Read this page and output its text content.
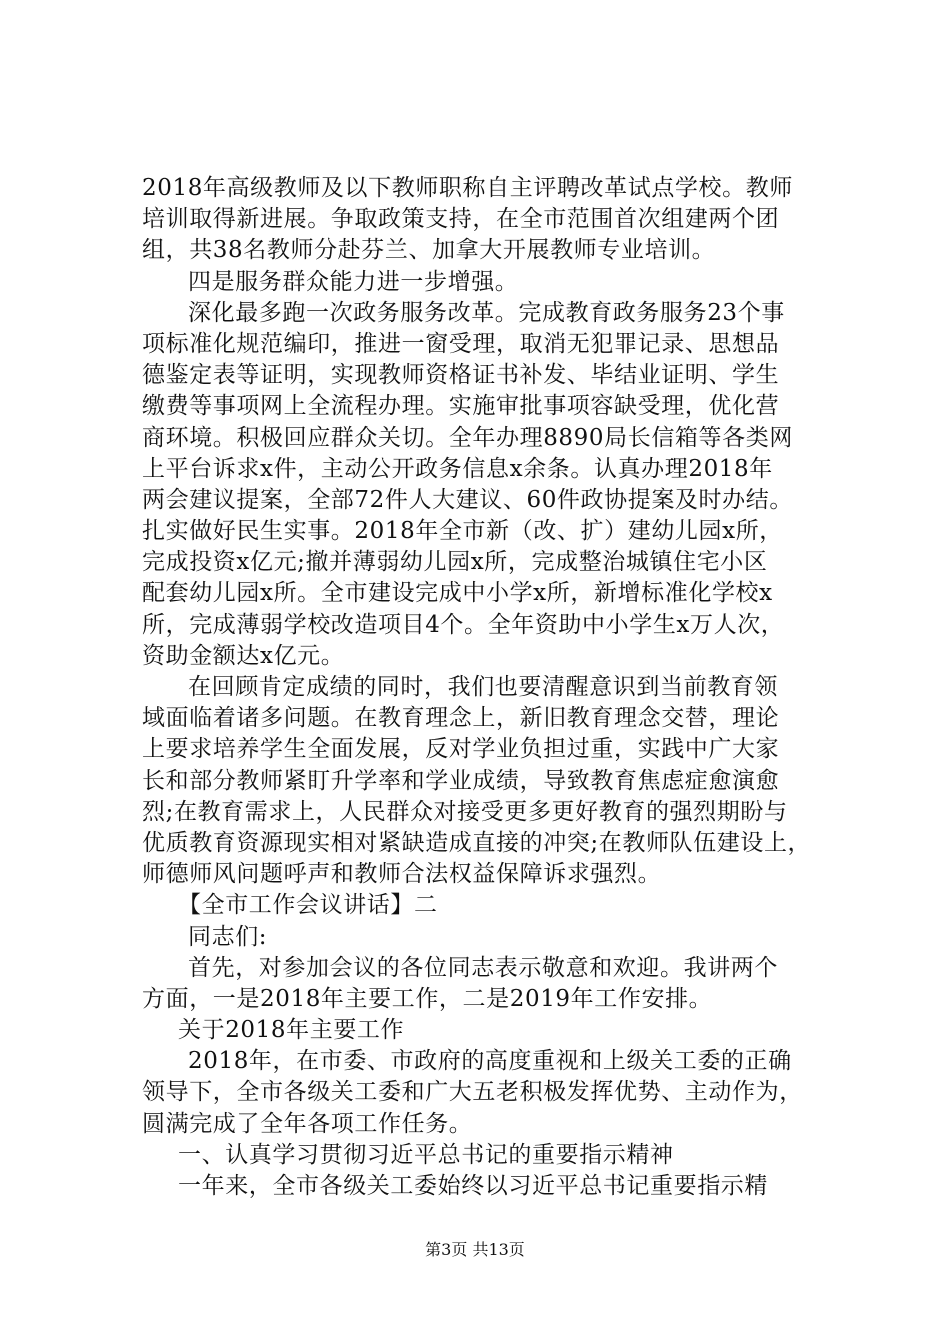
2018年高级教师及以下教师职称自主评聘改革试点学校。教师
培训取得新进展。争取政策支持，在全市范围首次组建两个团
组，共38名教师分赴芬兰、加拿大开展教师专业培训。
四是服务群众能力进一步增强。
深化最多跑一次政务服务改革。完成教育政务服务23个事
项标准化规范编印，推进一窗受理，取消无犯罪记录、思想品
德鉴定表等证明，实现教师资格证书补发、毕结业证明、学生
缴费等事项网上全流程办理。实施审批事项容缺受理，优化营
商环境。积极回应群众关切。全年办理8890局长信箱等各类网
上平台诉求x件，主动公开政务信息x余条。认真办理2018年
两会建议提案，全部72件人大建议、60件政协提案及时办结。
扎实做好民生实事。2018年全市新（改、扩）建幼儿园x所，
完成投资x亿元;撤并薄弱幼儿园x所，完成整治城镇住宅小区
配套幼儿园x所。全市建设完成中小学x所，新增标准化学校x
所，完成薄弱学校改造项目4个。全年资助中小学生x万人次，
资助金额达x亿元。
在回顾肯定成绩的同时，我们也要清醒意识到当前教育领
域面临着诸多问题。在教育理念上，新旧教育理念交替，理论
上要求培养学生全面发展，反对学业负担过重，实践中广大家
长和部分教师紧盯升学率和学业成绩，导致教育焦虑症愈演愈
烈;在教育需求上，人民群众对接受更多更好教育的强烈期盼与
优质教育资源现实相对紧缺造成直接的冲突;在教师队伍建设上，
师德师风问题呼声和教师合法权益保障诉求强烈。
【全市工作会议讲话】二
同志们:
首先，对参加会议的各位同志表示敬意和欢迎。我讲两个
方面，一是2018年主要工作，二是2019年工作安排。
关于2018年主要工作
2018年，在市委、市政府的高度重视和上级关工委的正确
领导下，全市各级关工委和广大五老积极发挥优势、主动作为，
圆满完成了全年各项工作任务。
一、认真学习贯彻习近平总书记的重要指示精神
一年来，全市各级关工委始终以习近平总书记重要指示精
第3页 共13页
